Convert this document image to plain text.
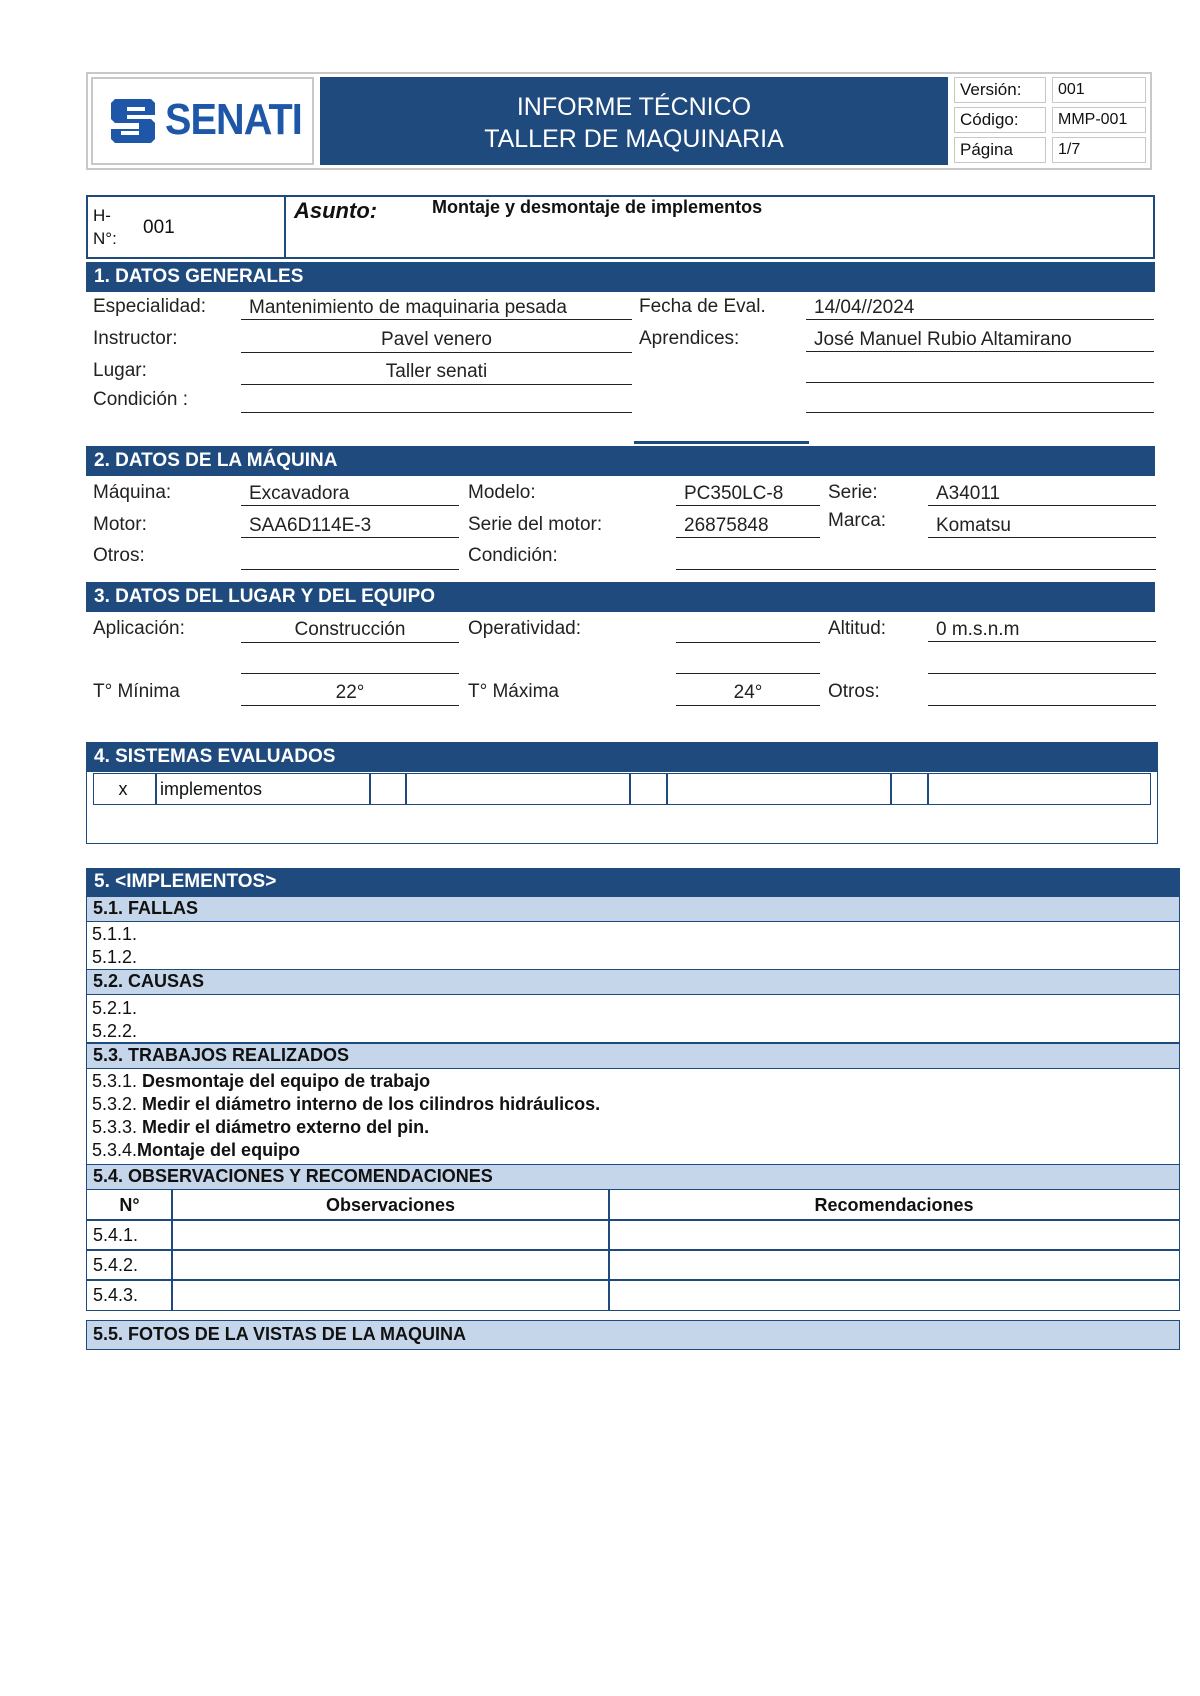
SENATI	INFORME TÉCNICO
TALLER DE MAQUINARIA
Versión:	001
Código:	MMP-001
Página	1/7
H-
N°:
001
Asunto:	Montaje y desmontaje de implementos
1. DATOS GENERALES
Especialidad:	Mantenimiento de maquinaria pesada	Fecha de Eval.	14/04//2024
Instructor:	Pavel venero	Aprendices:	José Manuel Rubio Altamirano
Lugar:	Taller senati
Condición :
2. DATOS DE LA MÁQUINA
Máquina:	Excavadora	Modelo:	PC350LC-8	Serie:	A34011
Motor:	SAA6D114E-3	Serie del motor:	26875848	Marca:	Komatsu
Otros:	Condición:
3. DATOS DEL LUGAR Y DEL EQUIPO
Aplicación:	Construcción	Operatividad:	Altitud:	0 m.s.n.m
T° Mínima	22°	T° Máxima	24°	Otros:
4. SISTEMAS EVALUADOS
x	implementos
5. <IMPLEMENTOS>
5.1. FALLAS
5.1.1.
5.1.2.
5.2. CAUSAS
5.2.1.
5.2.2.
5.3. TRABAJOS REALIZADOS
5.3.1. Desmontaje del equipo de trabajo
5.3.2. Medir el diámetro interno de los cilindros hidráulicos.
5.3.3. Medir el diámetro externo del pin.
5.3.4.Montaje del equipo
5.4. OBSERVACIONES Y RECOMENDACIONES
N°	Observaciones	Recomendaciones
5.4.1.
5.4.2.
5.4.3.
5.5. FOTOS DE LA VISTAS DE LA MAQUINA
